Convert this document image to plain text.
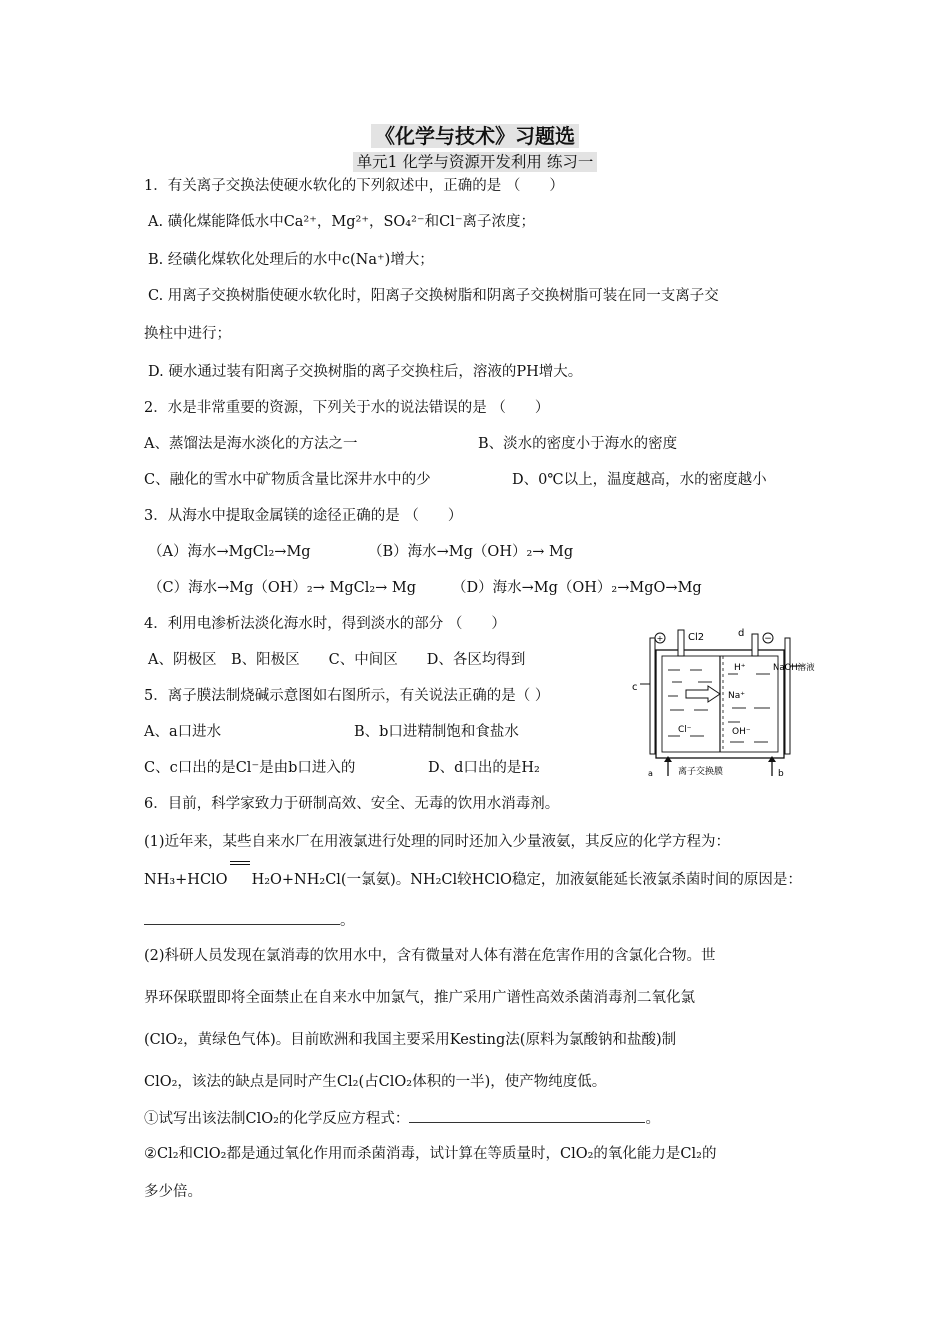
《化学与技术》习题选
单元1 化学与资源开发利用 练习一
1．有关离子交换法使硬水软化的下列叙述中，正确的是 （　　）
A. 磺化煤能降低水中Ca²⁺，Mg²⁺，SO₄²⁻和Cl⁻离子浓度；
B. 经磺化煤软化处理后的水中c(Na⁺)增大；
C. 用离子交换树脂使硬水软化时，阳离子交换树脂和阴离子交换树脂可装在同一支离子交
换柱中进行；
D. 硬水通过装有阳离子交换树脂的离子交换柱后，溶液的PH增大。
2．水是非常重要的资源，下列关于水的说法错误的是 （　　）
A、蒸馏法是海水淡化的方法之一	B、淡水的密度小于海水的密度
C、融化的雪水中矿物质含量比深井水中的少	D、0℃以上，温度越高，水的密度越小
3．从海水中提取金属镁的途径正确的是 （　　）
（A）海水→MgCl₂→Mg	（B）海水→Mg（OH）₂→ Mg
（C）海水→Mg（OH）₂→ MgCl₂→ Mg （D）海水→Mg（OH）₂→MgO→Mg
4．利用电渗析法淡化海水时，得到淡水的部分 （　　）
A、阴极区　B、阳极区　　C、中间区　　D、各区均得到
5．离子膜法制烧碱示意图如右图所示，有关说法正确的是（ ）
A、a口进水	B、b口进精制饱和食盐水
C、c口出的是Cl⁻是由b口进入的	D、d口出的是H₂
+	−
Cl2	d
c
H⁺
Na⁺
Cl⁻	OH⁻
NaOH溶液
离子交换膜
a	b
6．目前，科学家致力于研制高效、安全、无毒的饮用水消毒剂。
(1)近年来，某些自来水厂在用液氯进行处理的同时还加入少量液氨，其反应的化学方程为：
NH₃+HClO H₂O+NH₂Cl(一氯氨)。NH₂Cl较HClO稳定，加液氨能延长液氯杀菌时间的原因是：
。
(2)科研人员发现在氯消毒的饮用水中，含有微量对人体有潜在危害作用的含氯化合物。世
界环保联盟即将全面禁止在自来水中加氯气，推广采用广谱性高效杀菌消毒剂二氧化氯
(ClO₂，黄绿色气体)。目前欧洲和我国主要采用Kesting法(原料为氯酸钠和盐酸)制
ClO₂，该法的缺点是同时产生Cl₂(占ClO₂体积的一半)，使产物纯度低。
①试写出该法制ClO₂的化学反应方程式：	。
②Cl₂和ClO₂都是通过氧化作用而杀菌消毒，试计算在等质量时，ClO₂的氧化能力是Cl₂的
多少倍。
